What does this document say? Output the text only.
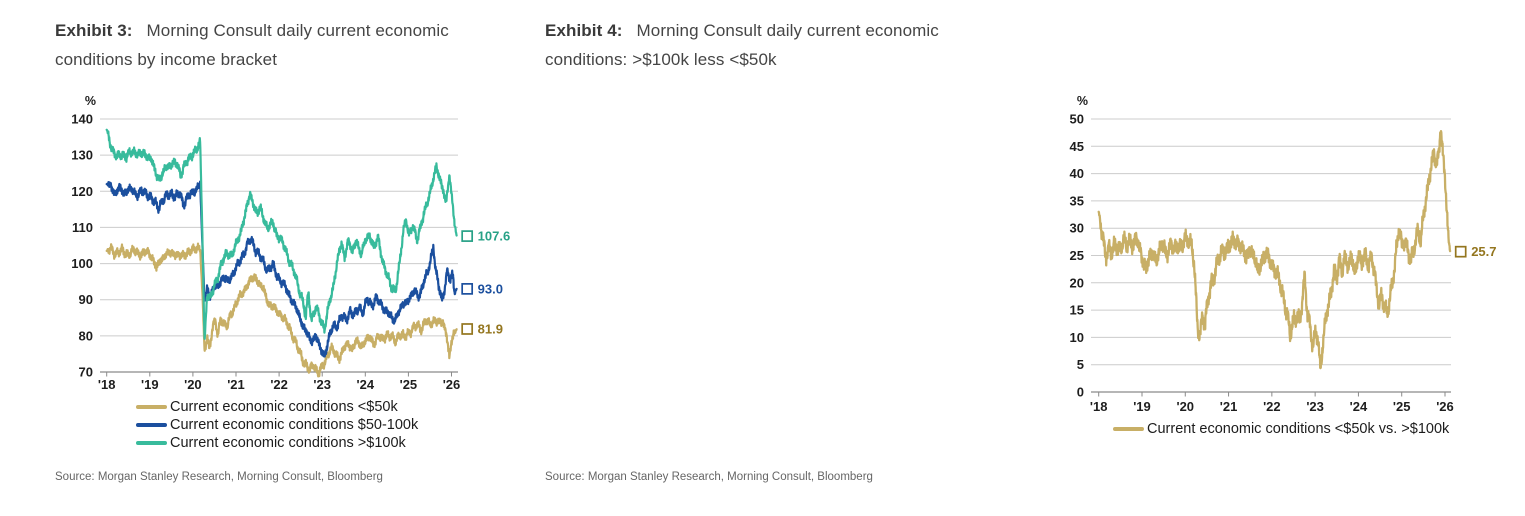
Exhibit 3: Morning Consult daily current economic conditions by income bracket
140
130
120
110
100
90
80
70
%
'18 '19 '20 '21 '22 '23 '24 '25 '26
81.9
93.0
107.6
Current economic conditions <$50k
Current economic conditions $50-100k
Current economic conditions >$100k
Source: Morgan Stanley Research, Morning Consult, Bloomberg
Exhibit 4: Morning Consult daily current economic conditions: >$100k less <$50k
50
45
40
35
30
25
20
15
10
5
0
%
'18 '19 '20 '21 '22 '23 '24 '25 '26
25.7
Current economic conditions <$50k vs. >$100k
Source: Morgan Stanley Research, Morning Consult, Bloomberg
